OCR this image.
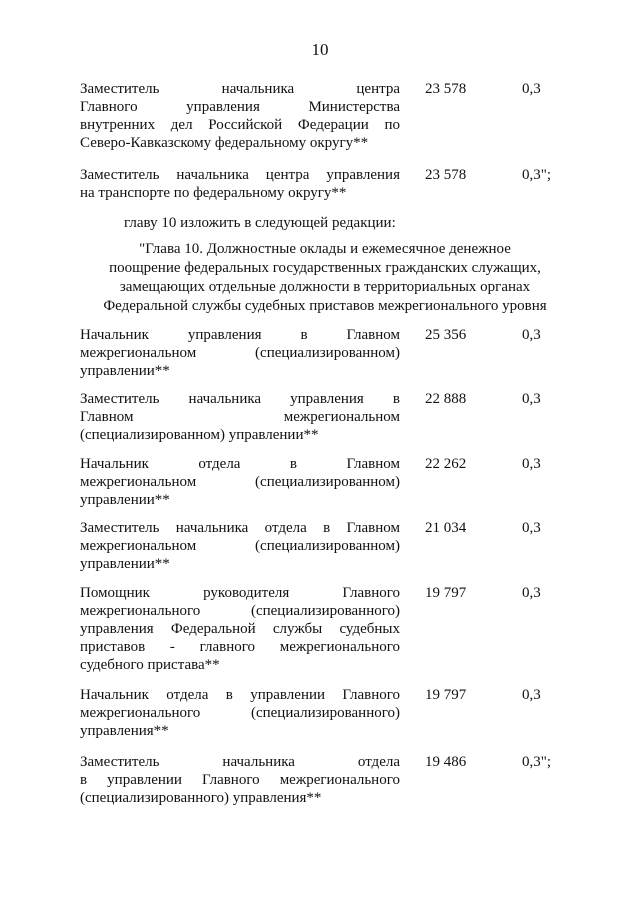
10
Заместитель начальника центра
Главного управления Министерства
внутренних дел Российской Федерации по
Северо-Кавказскому федеральному округу**
23 578	0,3
Заместитель начальника центра управления
на транспорте по федеральному округу**
23 578	0,3";
главу 10 изложить в следующей редакции:
"Глава 10. Должностные оклады и ежемесячное денежное
поощрение федеральных государственных гражданских служащих,
замещающих отдельные должности в территориальных органах
Федеральной службы судебных приставов межрегионального уровня
Начальник управления в Главном
межрегиональном (специализированном)
управлении**
25 356	0,3
Заместитель начальника управления в
Главном межрегиональном
(специализированном) управлении**
22 888	0,3
Начальник отдела в Главном
межрегиональном (специализированном)
управлении**
22 262	0,3
Заместитель начальника отдела в Главном
межрегиональном (специализированном)
управлении**
21 034	0,3
Помощник руководителя Главного
межрегионального (специализированного)
управления Федеральной службы судебных
приставов - главного межрегионального
судебного пристава**
19 797	0,3
Начальник отдела в управлении Главного
межрегионального (специализированного)
управления**
19 797	0,3
Заместитель начальника отдела
в управлении Главного межрегионального
(специализированного) управления**
19 486	0,3";
